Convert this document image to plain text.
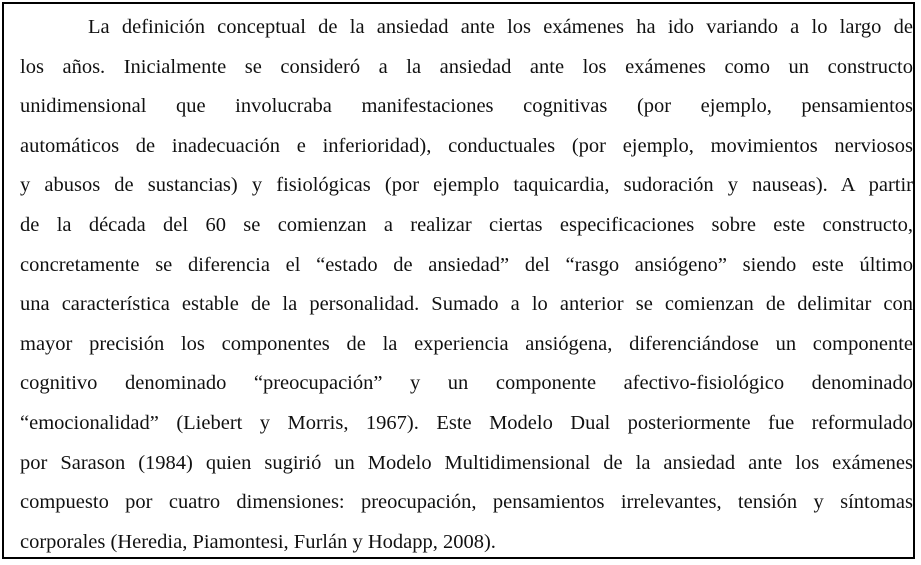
La definición conceptual de la ansiedad ante los exámenes ha ido variando a lo largo de
los años. Inicialmente se consideró a la ansiedad ante los exámenes como un constructo
unidimensional que involucraba manifestaciones cognitivas (por ejemplo, pensamientos
automáticos de inadecuación e inferioridad), conductuales (por ejemplo, movimientos nerviosos
y abusos de sustancias) y fisiológicas (por ejemplo taquicardia, sudoración y nauseas). A partir
de la década del 60 se comienzan a realizar ciertas especificaciones sobre este constructo,
concretamente se diferencia el “estado de ansiedad” del “rasgo ansiógeno” siendo este último
una característica estable de la personalidad. Sumado a lo anterior se comienzan de delimitar con
mayor precisión los componentes de la experiencia ansiógena, diferenciándose un componente
cognitivo denominado “preocupación” y un componente afectivo-fisiológico denominado
“emocionalidad” (Liebert y Morris, 1967). Este Modelo Dual posteriormente fue reformulado
por Sarason (1984) quien sugirió un Modelo Multidimensional de la ansiedad ante los exámenes
compuesto por cuatro dimensiones: preocupación, pensamientos irrelevantes, tensión y síntomas
corporales (Heredia, Piamontesi, Furlán y Hodapp, 2008).
